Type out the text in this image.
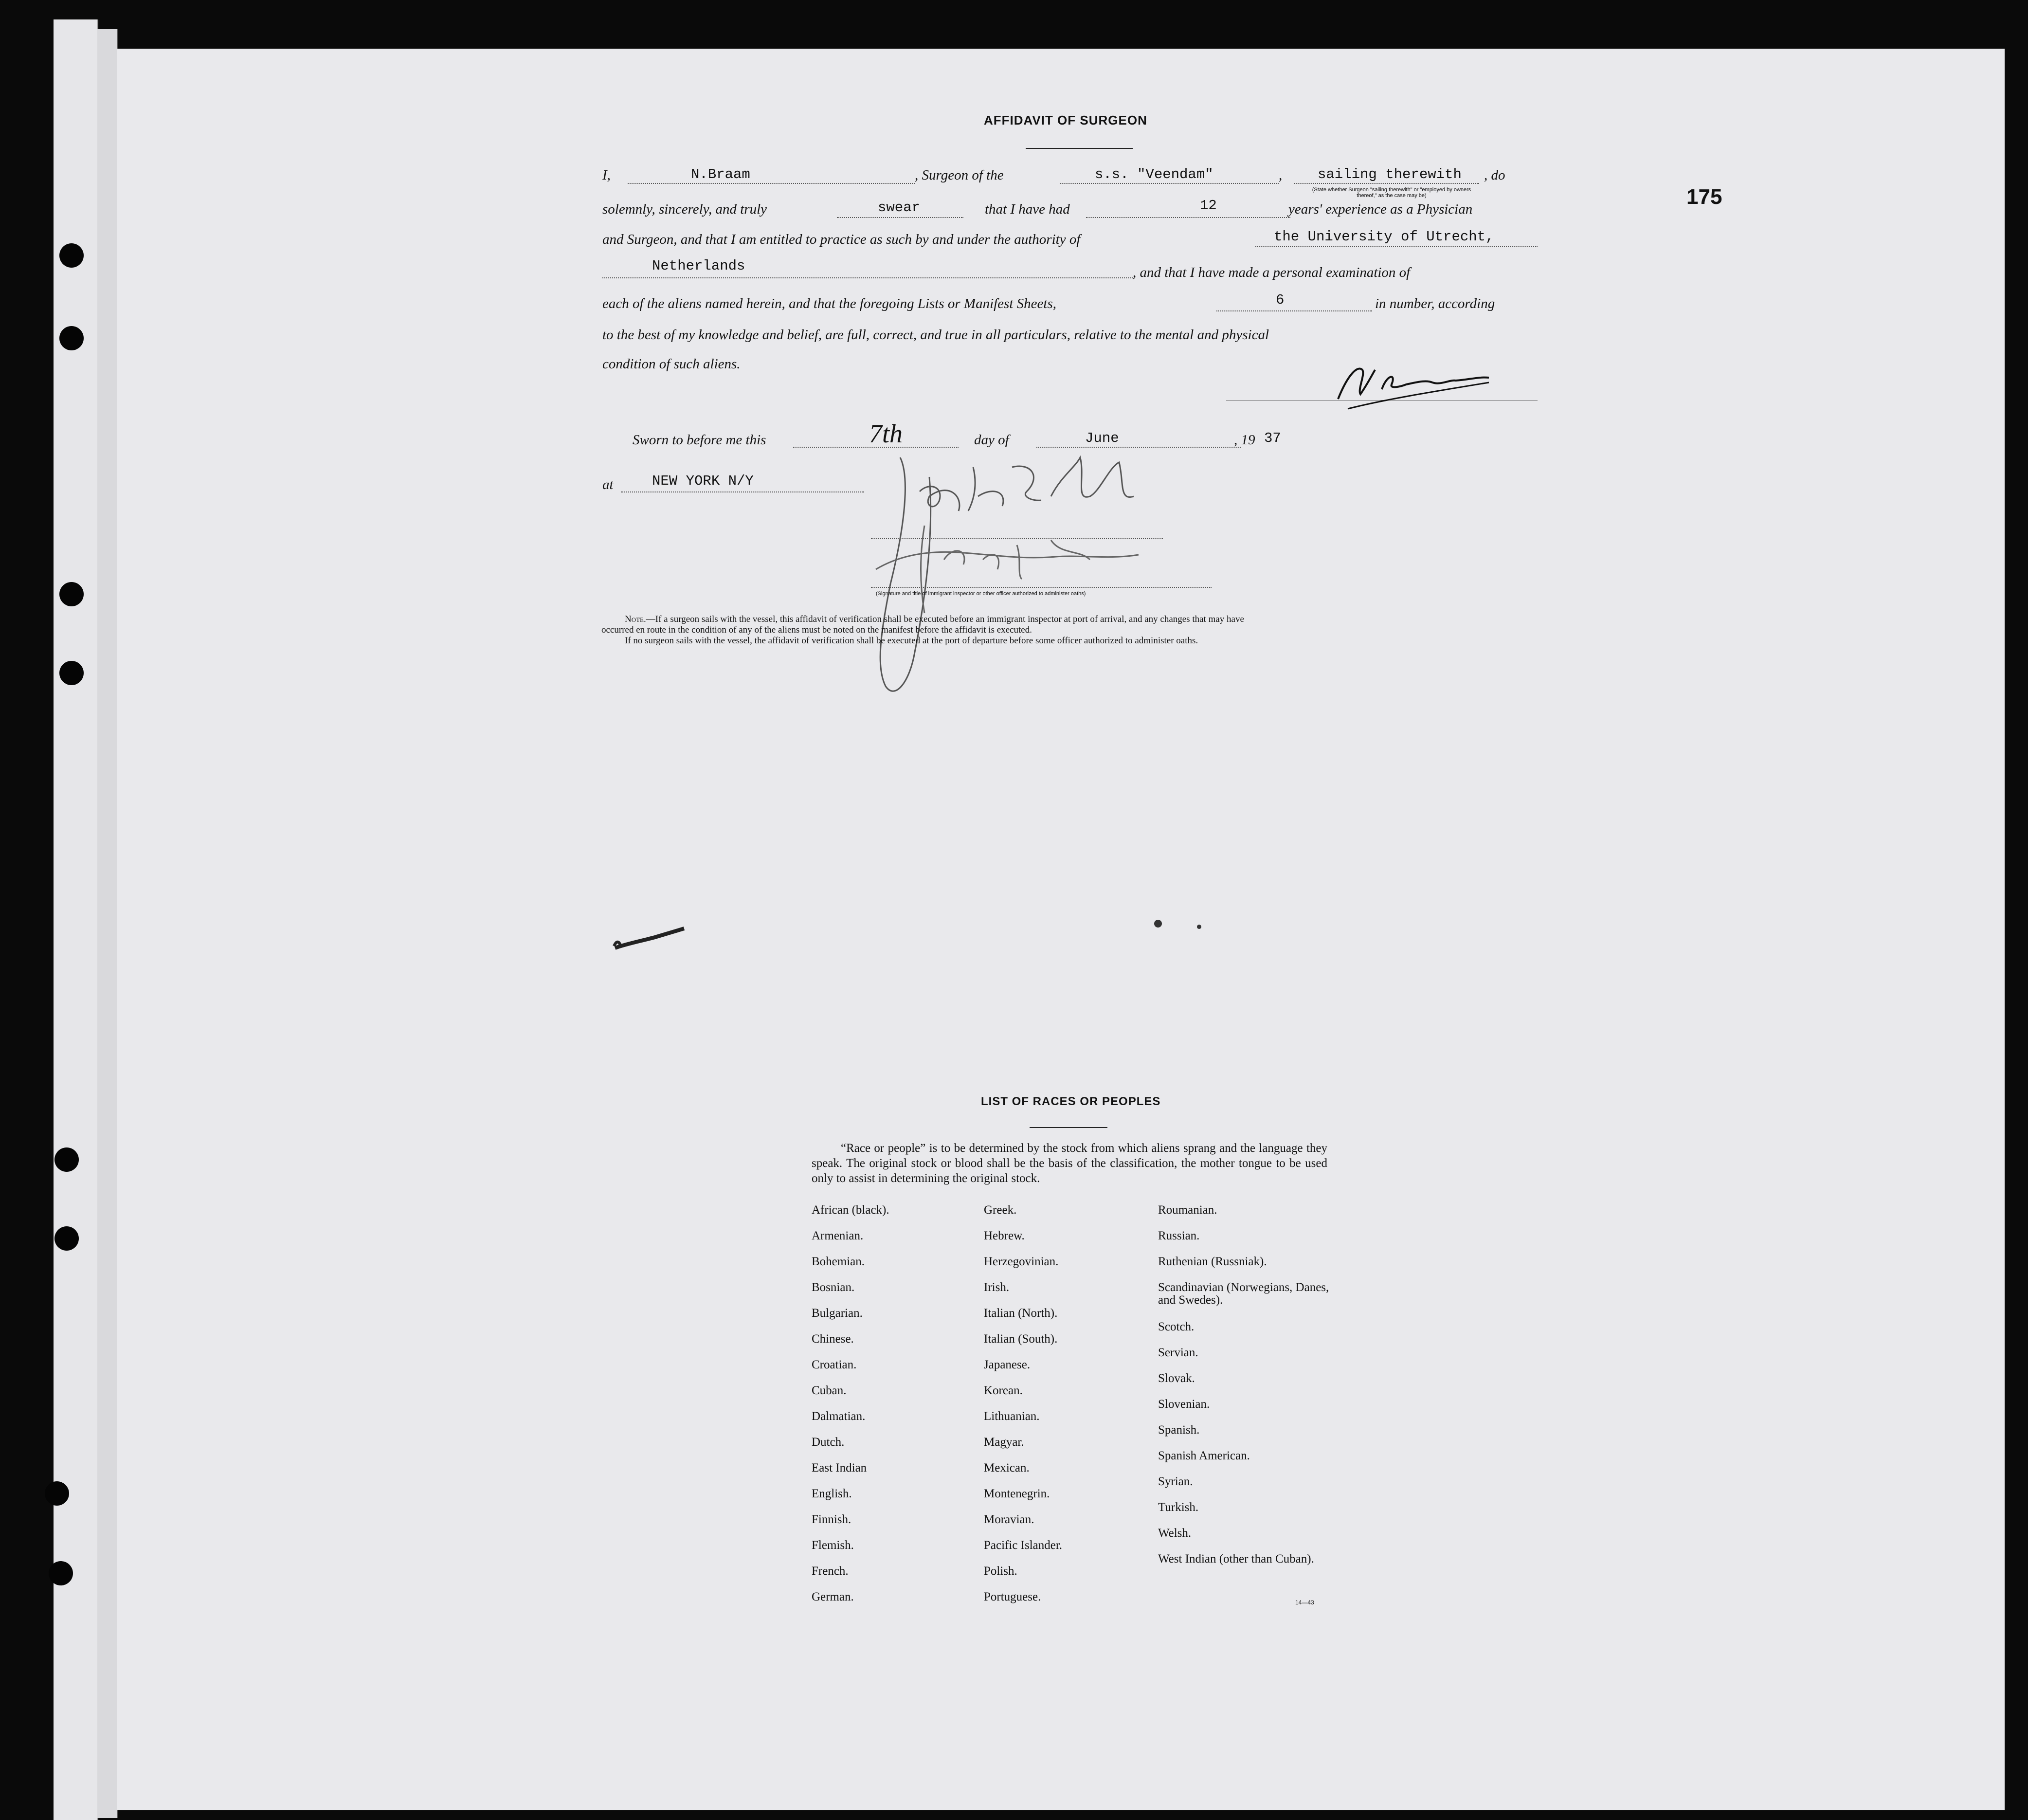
175
AFFIDAVIT OF SURGEON
I,	N.Braam	, Surgeon of the	s.s. "Veendam"	,	sailing therewith , do
(State whether Surgeon "sailing therewith" or "employed by owners thereof," as the case may be)
solemnly, sincerely, and truly	swear	that I have had	12	years' experience as a Physician
and Surgeon, and that I am entitled to practice as such by and under the authority of	the University of Utrecht,
Netherlands	, and that I have made a personal examination of
each of the aliens named herein, and that the foregoing Lists or Manifest Sheets,	6	in number, according
to the best of my knowledge and belief, are full, correct, and true in all particulars, relative to the mental and physical
condition of such aliens.
Sworn to before me this	7th	day of	June	, 19 37
at	NEW YORK N/Y
(Signature and title of immigrant inspector or other officer authorized to administer oaths)
Note.—If a surgeon sails with the vessel, this affidavit of verification shall be executed before an immigrant inspector at port of arrival, and any changes that may have
occurred en route in the condition of any of the aliens must be noted on the manifest before the affidavit is executed.
If no surgeon sails with the vessel, the affidavit of verification shall be executed at the port of departure before some officer authorized to administer oaths.
LIST OF RACES OR PEOPLES
“Race or people” is to be determined by the stock from which aliens sprang and the language they speak. The original stock or blood shall be the basis of the classification, the mother tongue to be used only to assist in determining the original stock.
African (black).
Armenian.
Bohemian.
Bosnian.
Bulgarian.
Chinese.
Croatian.
Cuban.
Dalmatian.
Dutch.
East Indian
English.
Finnish.
Flemish.
French.
German.
Greek.
Hebrew.
Herzegovinian.
Irish.
Italian (North).
Italian (South).
Japanese.
Korean.
Lithuanian.
Magyar.
Mexican.
Montenegrin.
Moravian.
Pacific Islander.
Polish.
Portuguese.
Roumanian.
Russian.
Ruthenian (Russniak).
Scandinavian (Norwegians, Danes, and Swedes).
Scotch.
Servian.
Slovak.
Slovenian.
Spanish.
Spanish American.
Syrian.
Turkish.
Welsh.
West Indian (other than Cuban).
14—43
